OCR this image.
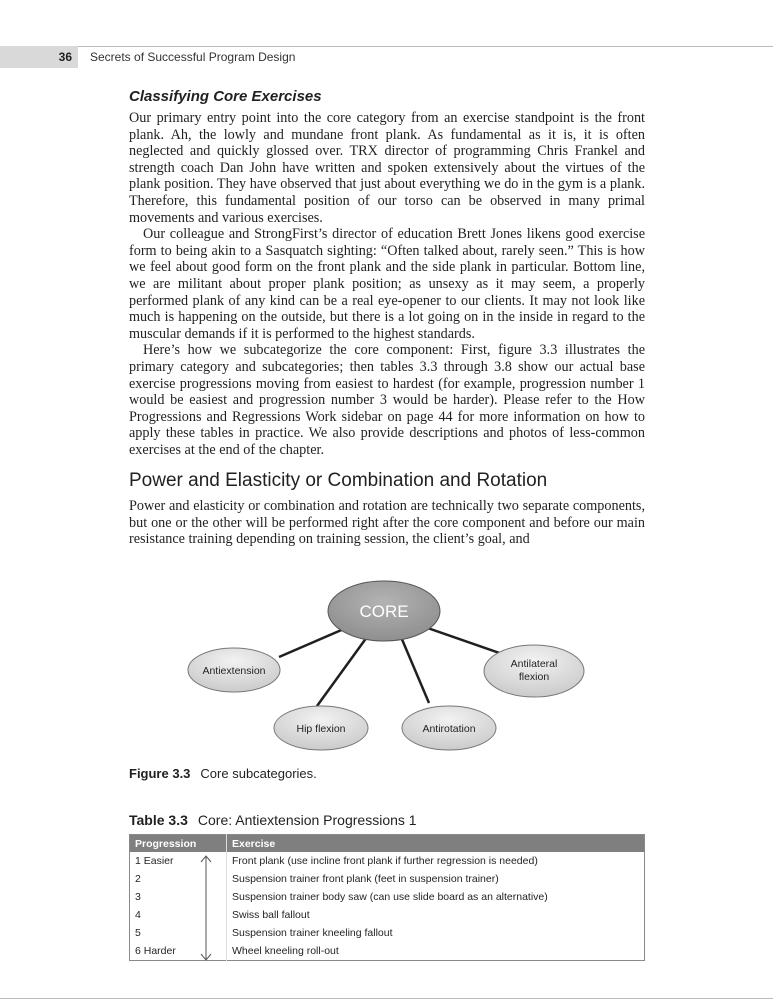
36	Secrets of Successful Program Design
Classifying Core Exercises

Our primary entry point into the core category from an exercise standpoint is the front plank. Ah, the lowly and mundane front plank. As fundamental as it is, it is often neglected and quickly glossed over. TRX director of programming Chris Frankel and strength coach Dan John have written and spoken extensively about the virtues of the plank position. They have observed that just about everything we do in the gym is a plank. Therefore, this fundamental position of our torso can be observed in many primal movements and various exercises.

Our colleague and StrongFirst’s director of education Brett Jones likens good exercise form to being akin to a Sasquatch sighting: “Often talked about, rarely seen.” This is how we feel about good form on the front plank and the side plank in particular. Bottom line, we are militant about proper plank position; as unsexy as it may seem, a properly performed plank of any kind can be a real eye-opener to our clients. It may not look like much is happening on the outside, but there is a lot going on in the inside in regard to the muscular demands if it is performed to the highest standards.

Here’s how we subcategorize the core component: First, figure 3.3 illustrates the primary category and subcategories; then tables 3.3 through 3.8 show our actual base exercise progressions moving from easiest to hardest (for example, progression number 1 would be easiest and progression number 3 would be harder). Please refer to the How Progressions and Regressions Work sidebar on page 44 for more information on how to apply these tables in practice. We also provide descriptions and photos of less-common exercises at the end of the chapter.

Power and Elasticity or Combination and Rotation

Power and elasticity or combination and rotation are technically two separate components, but one or the other will be performed right after the core component and before our main resistance training depending on training session, the client’s goal, and

CORE
Antiextension
Antilateral
flexion
Hip flexion	Antirotation
Figure 3.3 Core subcategories.
Table 3.3 Core: Antiextension Progressions 1
Progression	Exercise
1 Easier	Front plank (use incline front plank if further regression is needed)
2	Suspension trainer front plank (feet in suspension trainer)
3	Suspension trainer body saw (can use slide board as an alternative)
4	Swiss ball fallout
5	Suspension trainer kneeling fallout
6 Harder	Wheel kneeling roll-out
